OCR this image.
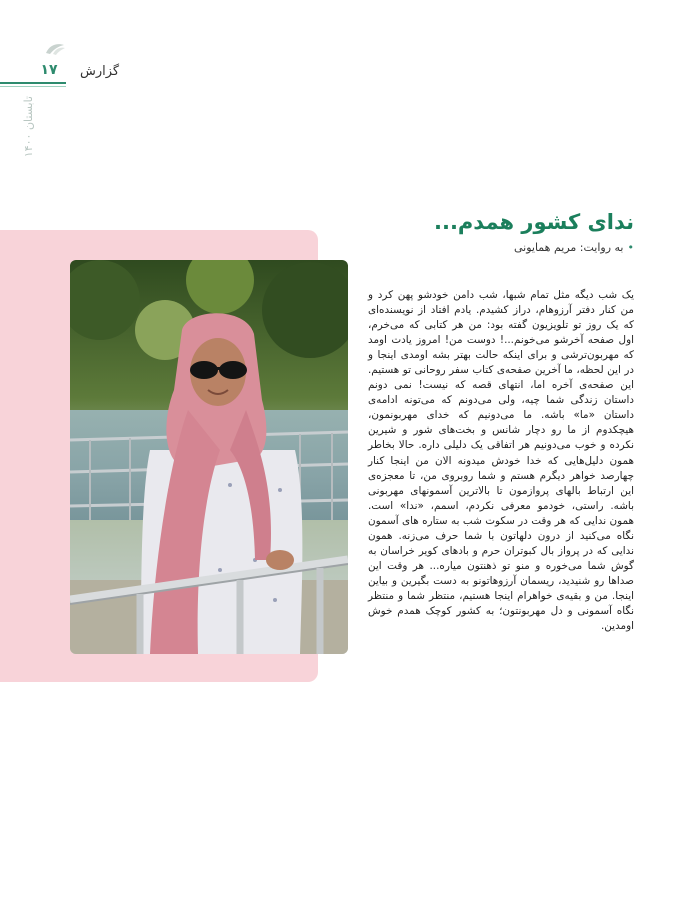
گزارش
۱۷
تابستان ۱۴۰۰
ندای کشور همدم...
•به روایت: مریم همایونی

یک شب دیگه مثل تمام شبها، شب دامن خودشو پهن کرد و من کنار دفتر آرزوهام، دراز کشیدم. یادم افتاد از نویسنده‌ای که یک روز تو تلویزیون گفته بود: من هر کتابی که می‌خرم، اول صفحه آخرشو می‌خونم...! دوست من! امروز یادت اومد که مهربون‌ترشی و برای اینکه حالت بهتر بشه اومدی اینجا و در این لحظه، ما آخرین صفحه‌ی کتاب سفر روحانی تو هستیم. این صفحه‌ی آخره اما، انتهای قصه که نیست! نمی دونم داستان زندگی شما چیه، ولی می‌دونم که می‌تونه ادامه‌ی داستان «ما» باشه. ما می‌دونیم که خدای مهربونمون، هیچکدوم از ما رو دچار شانس و بخت‌های شور و شیرین نکرده و خوب می‌دونیم هر اتفاقی یک دلیلی داره. حالا بخاطر همون دلیل‌هایی که خدا خودش میدونه الان من اینجا کنار چهارصد خواهر دیگرم هستم و شما روبروی من، تا معجزه‌ی این ارتباط بالهای پروازمون تا بالاترین آسمونهای مهربونی باشه. راستی، خودمو معرفی نکردم، اسمم، «ندا» است. همون ندایی که هر وقت در سکوت شب به ستاره های آسمون نگاه می‌کنید از درون دلهاتون با شما حرف می‌زنه. همون ندایی که در پرواز بال کبوتران حرم و بادهای کویر خراسان به گوش شما می‌خوره و منو تو ذهنتون میاره... هر وقت این صداها رو شنیدید، ریسمان آرزوهاتونو به دست بگیرین و بیاین اینجا. من و بقیه‌ی خواهرام اینجا هستیم، منتظر شما و منتظر نگاه آسمونی و دل مهربونتون؛ به کشور کوچک همدم خوش اومدین.
